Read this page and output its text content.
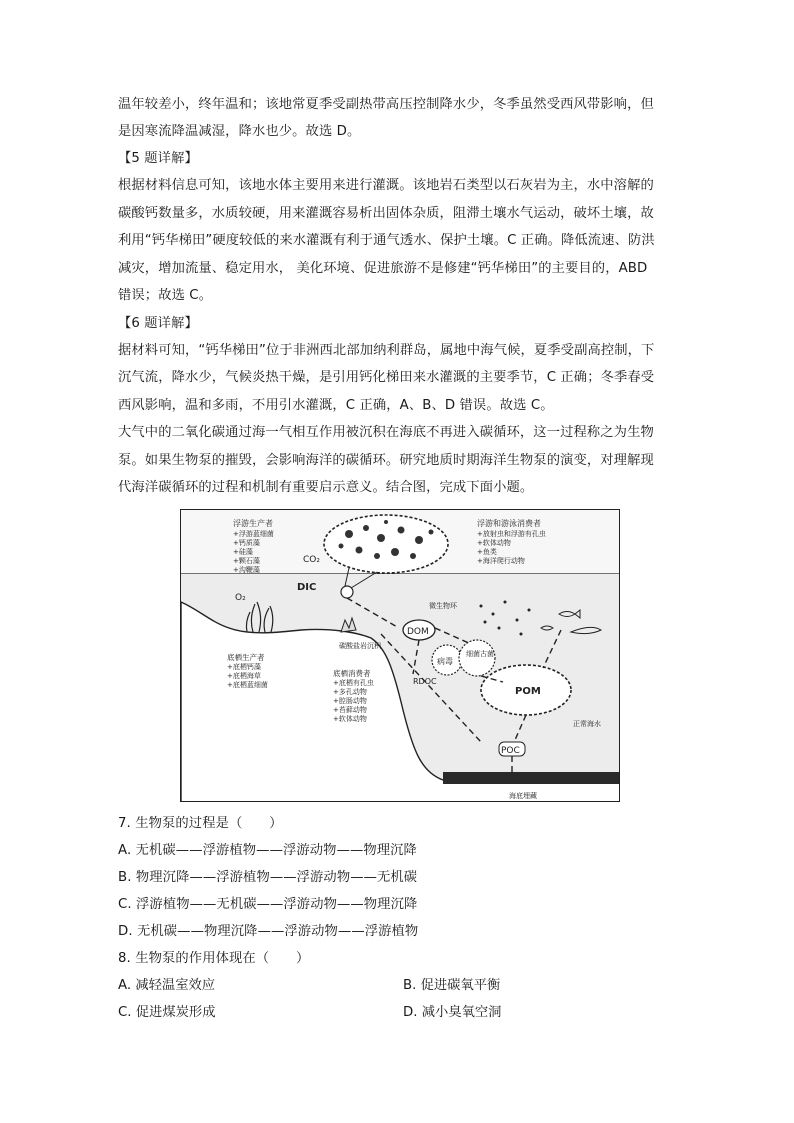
温年较差小，终年温和；该地常夏季受副热带高压控制降水少，冬季虽然受西风带影响，但
是因寒流降温减湿，降水也少。故选 D。
【5 题详解】
根据材料信息可知，该地水体主要用来进行灌溉。该地岩石类型以石灰岩为主，水中溶解的
碳酸钙数量多，水质较硬，用来灌溉容易析出固体杂质，阻滞土壤水气运动，破坏土壤，故
利用“钙华梯田”硬度较低的来水灌溉有利于通气透水、保护土壤。C 正确。降低流速、防洪
减灾，增加流量、稳定用水， 美化环境、促进旅游不是修建“钙华梯田”的主要目的，ABD
错误；故选 C。
【6 题详解】
据材料可知，“钙华梯田”位于非洲西北部加纳利群岛，属地中海气候，夏季受副高控制，下
沉气流，降水少，气候炎热干燥，是引用钙化梯田来水灌溉的主要季节，C 正确；冬季春受
西风影响，温和多雨，不用引水灌溉，C 正确，A、B、D 错误。故选 C。
大气中的二氧化碳通过海一气相互作用被沉积在海底不再进入碳循环，这一过程称之为生物
泵。如果生物泵的摧毁，会影响海洋的碳循环。研究地质时期海洋生物泵的演变，对理解现
代海洋碳循环的过程和机制有重要启示意义。结合图，完成下面小题。
浮游生产者
+浮游蓝细菌
+钙质藻
+硅藻
+颗石藻
+沟鞭藻
CO₂
DIC
O₂
浮游和游泳消费者
+放射虫和浮游有孔虫
+软体动物
+鱼类
+海洋爬行动物
碳酸盐岩沉积
DOM
微生物环
病毒
细菌古菌
POM
正常海水
RDOC
POC
海底埋藏
底栖生产者
+底栖钙藻
+底栖海草
+底栖蓝细菌
底栖消费者
+底栖有孔虫
+多孔动物
+腔肠动物
+苔藓动物
+软体动物
7. 生物泵的过程是（　　）
A. 无机碳——浮游植物——浮游动物——物理沉降
B. 物理沉降——浮游植物——浮游动物——无机碳
C. 浮游植物——无机碳——浮游动物——物理沉降
D. 无机碳——物理沉降——浮游动物——浮游植物
8. 生物泵的作用体现在（　　）
A. 减轻温室效应	B. 促进碳氧平衡
C. 促进煤炭形成	D. 减小臭氧空洞
